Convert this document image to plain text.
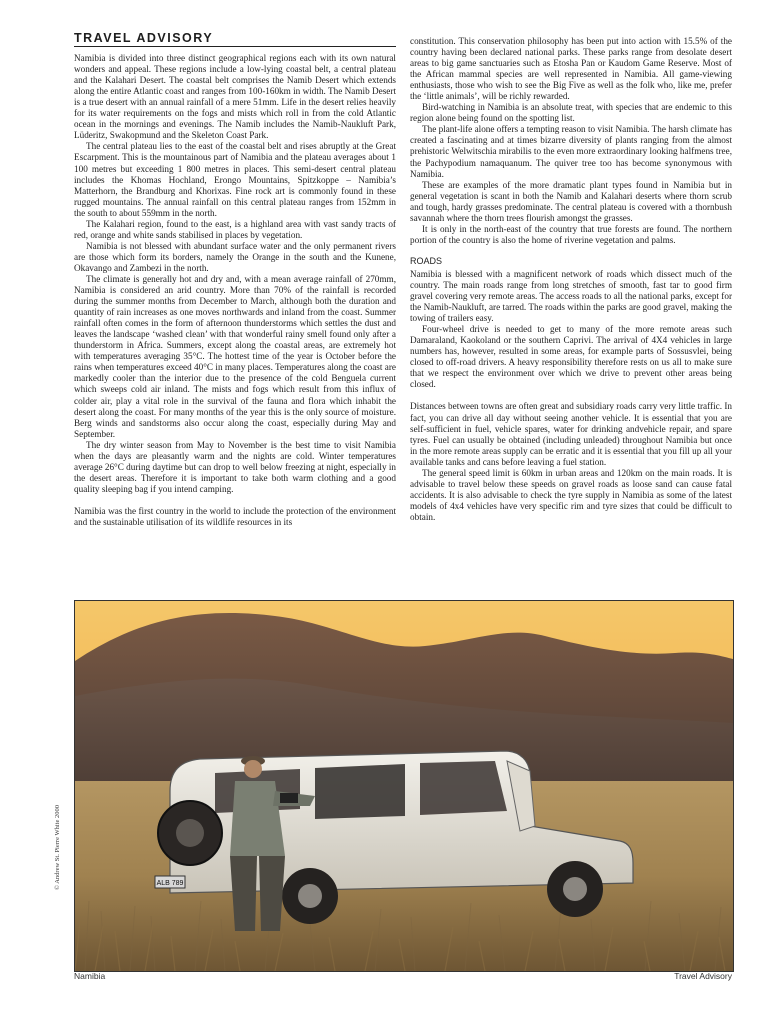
TRAVEL ADVISORY

Namibia is divided into three distinct geographical regions each with its own natural wonders and appeal. These regions include a low-lying coastal belt, a central plateau and the Kalahari Desert. The coastal belt comprises the Namib Desert which extends along the entire Atlantic coast and ranges from 100-160km in width. The Namib Desert is a true desert with an annual rainfall of a mere 51mm. Life in the desert relies heavily for its water requirements on the fogs and mists which roll in from the cold Atlantic ocean in the mornings and evenings. The Namib includes the Namib-Naukluft Park, Lüderitz, Swakopmund and the Skeleton Coast Park.

The central plateau lies to the east of the coastal belt and rises abruptly at the Great Escarpment. This is the mountainous part of Namibia and the plateau averages about 1 100 metres but exceeding 1 800 metres in places. This semi-desert central plateau includes the Khomas Hochland, Erongo Mountains, Spitzkoppe – Namibia’s Matterhorn, the Brandburg and Khorixas. Fine rock art is commonly found in these rugged mountains. The annual rainfall on this central plateau ranges from 152mm in the south to about 559mm in the north.

The Kalahari region, found to the east, is a highland area with vast sandy tracts of red, orange and white sands stabilised in places by vegetation.

Namibia is not blessed with abundant surface water and the only permanent rivers are those which form its borders, namely the Orange in the south and the Kunene, Okavango and Zambezi in the north.

The climate is generally hot and dry and, with a mean average rainfall of 270mm, Namibia is considered an arid country. More than 70% of the rainfall is recorded during the summer months from December to March, although both the duration and quantity of rain increases as one moves northwards and inland from the coast. Summer rainfall often comes in the form of afternoon thunderstorms which settles the dust and leaves the landscape ‘washed clean’ with that wonderful rainy smell found only after a thunderstorm in Africa. Summers, except along the coastal areas, are extremely hot with temperatures averaging 35°C. The hottest time of the year is October before the rains when temperatures exceed 40°C in many places. Temperatures along the coast are markedly cooler than the interior due to the presence of the cold Benguela current which sweeps cold air inland. The mists and fogs which result from this influx of colder air, play a vital role in the survival of the fauna and flora which inhabit the desert along the coast. For many months of the year this is the only source of moisture. Berg winds and sandstorms also occur along the coast, especially during May and September.

The dry winter season from May to November is the best time to visit Namibia when the days are pleasantly warm and the nights are cold. Winter temperatures average 26°C during daytime but can drop to well below freezing at night, especially in the desert areas. Therefore it is important to take both warm clothing and a good quality sleeping bag if you intend camping.

Namibia was the first country in the world to include the protection of the environment and the sustainable utilisation of its wildlife resources in its

constitution. This conservation philosophy has been put into action with 15.5% of the country having been declared national parks. These parks range from desolate desert areas to big game sanctuaries such as Etosha Pan or Kaudom Game Reserve. Most of the African mammal species are well represented in Namibia. All game-viewing enthusiasts, those who wish to see the Big Five as well as the folk who, like me, prefer the ‘little animals’, will be richly rewarded.

Bird-watching in Namibia is an absolute treat, with species that are endemic to this region alone being found on the spotting list.

The plant-life alone offers a tempting reason to visit Namibia. The harsh climate has created a fascinating and at times bizarre diversity of plants ranging from the almost prehistoric Welwitschia mirabilis to the even more extraordinary looking halfmens tree, the Pachypodium namaquanum. The quiver tree too has become synonymous with Namibia.

These are examples of the more dramatic plant types found in Namibia but in general vegetation is scant in both the Namib and Kalahari deserts where thorn scrub and tough, hardy grasses predominate. The central plateau is covered with a thornbush savannah where the thorn trees flourish amongst the grasses.

It is only in the north-east of the country that true forests are found. The northern portion of the country is also the home of riverine vegetation and palms.

ROADS

Namibia is blessed with a magnificent network of roads which dissect much of the country. The main roads range from long stretches of smooth, fast tar to good firm gravel covering very remote areas. The access roads to all the national parks, except for the Namib-Naukluft, are tarred. The roads within the parks are good gravel, making the towing of trailers easy.

Four-wheel drive is needed to get to many of the more remote areas such Damaraland, Kaokoland or the southern Caprivi. The arrival of 4X4 vehicles in large numbers has, however, resulted in some areas, for example parts of Sossusvlei, being closed to off-road drivers. A heavy responsibility therefore rests on us all to make sure that we respect the environment over which we drive to prevent other areas being closed.

Distances between towns are often great and subsidiary roads carry very little traffic. In fact, you can drive all day without seeing another vehicle. It is essential that you are self-sufficient in fuel, vehicle spares, water for drinking andvehicle repair, and spare tyres. Fuel can usually be obtained (including unleaded) throughout Namibia but once in the more remote areas supply can be erratic and it is essential that you fill up all your available tanks and cans before leaving a fuel station.

The general speed limit is 60km in urban areas and 120km on the main roads. It is advisable to travel below these speeds on gravel roads as loose sand can cause fatal accidents. It is also advisable to check the tyre supply in Namibia as some of the latest models of 4x4 vehicles have very specific rim and tyre sizes that could be difficult to obtain.

ALB 789
© Andrew St. Pierre White 2000
Namibia	Travel Advisory
